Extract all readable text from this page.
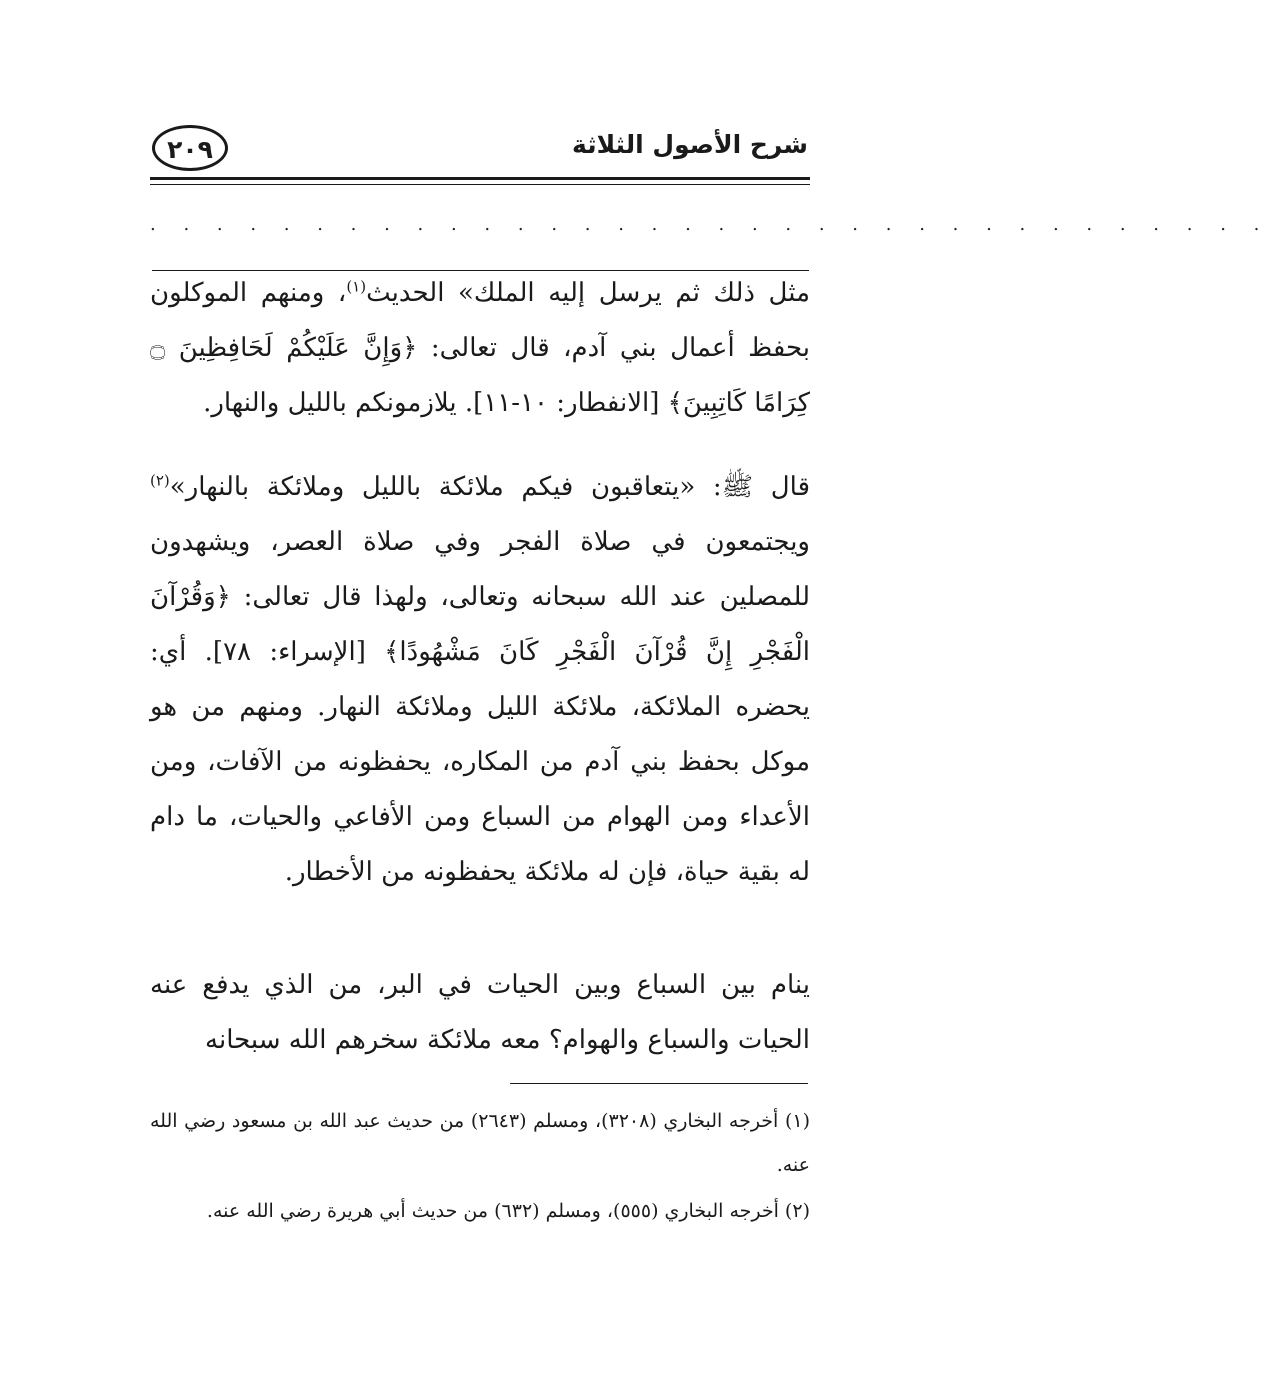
شرح الأصول الثلاثة
٢٠٩
. . . . . . . . . . . . . . . . . . . . . . . . . . . . . . . . . .

مثل ذلك ثم يرسل إليه الملك» الحديث$^{(١)}$، ومنهم الموكلون بحفظ أعمال بني آدم، قال تعالى: ﴿وَإِنَّ عَلَيْكُمْ لَحَافِظِينَ ۝ كِرَامًا كَاتِبِينَ﴾ [الانفطار: ١٠-١١]. يلازمونكم بالليل والنهار.

قال ﷺ: «يتعاقبون فيكم ملائكة بالليل وملائكة بالنهار»$^{(٢)}$ ويجتمعون في صلاة الفجر وفي صلاة العصر، ويشهدون للمصلين عند الله سبحانه وتعالى، ولهذا قال تعالى: ﴿وَقُرْآنَ الْفَجْرِ إِنَّ قُرْآنَ الْفَجْرِ كَانَ مَشْهُودًا﴾ [الإسراء: ٧٨]. أي: يحضره الملائكة، ملائكة الليل وملائكة النهار. ومنهم من هو موكل بحفظ بني آدم من المكاره، يحفظونه من الآفات، ومن الأعداء ومن الهوام من السباع ومن الأفاعي والحيات، ما دام له بقية حياة، فإن له ملائكة يحفظونه من الأخطار.

ينام بين السباع وبين الحيات في البر، من الذي يدفع عنه الحيات والسباع والهوام؟ معه ملائكة سخرهم الله سبحانه

(١) أخرجه البخاري (٣٢٠٨)، ومسلم (٢٦٤٣) من حديث عبد الله بن مسعود رضي الله عنه.

(٢) أخرجه البخاري (٥٥٥)، ومسلم (٦٣٢) من حديث أبي هريرة رضي الله عنه.
